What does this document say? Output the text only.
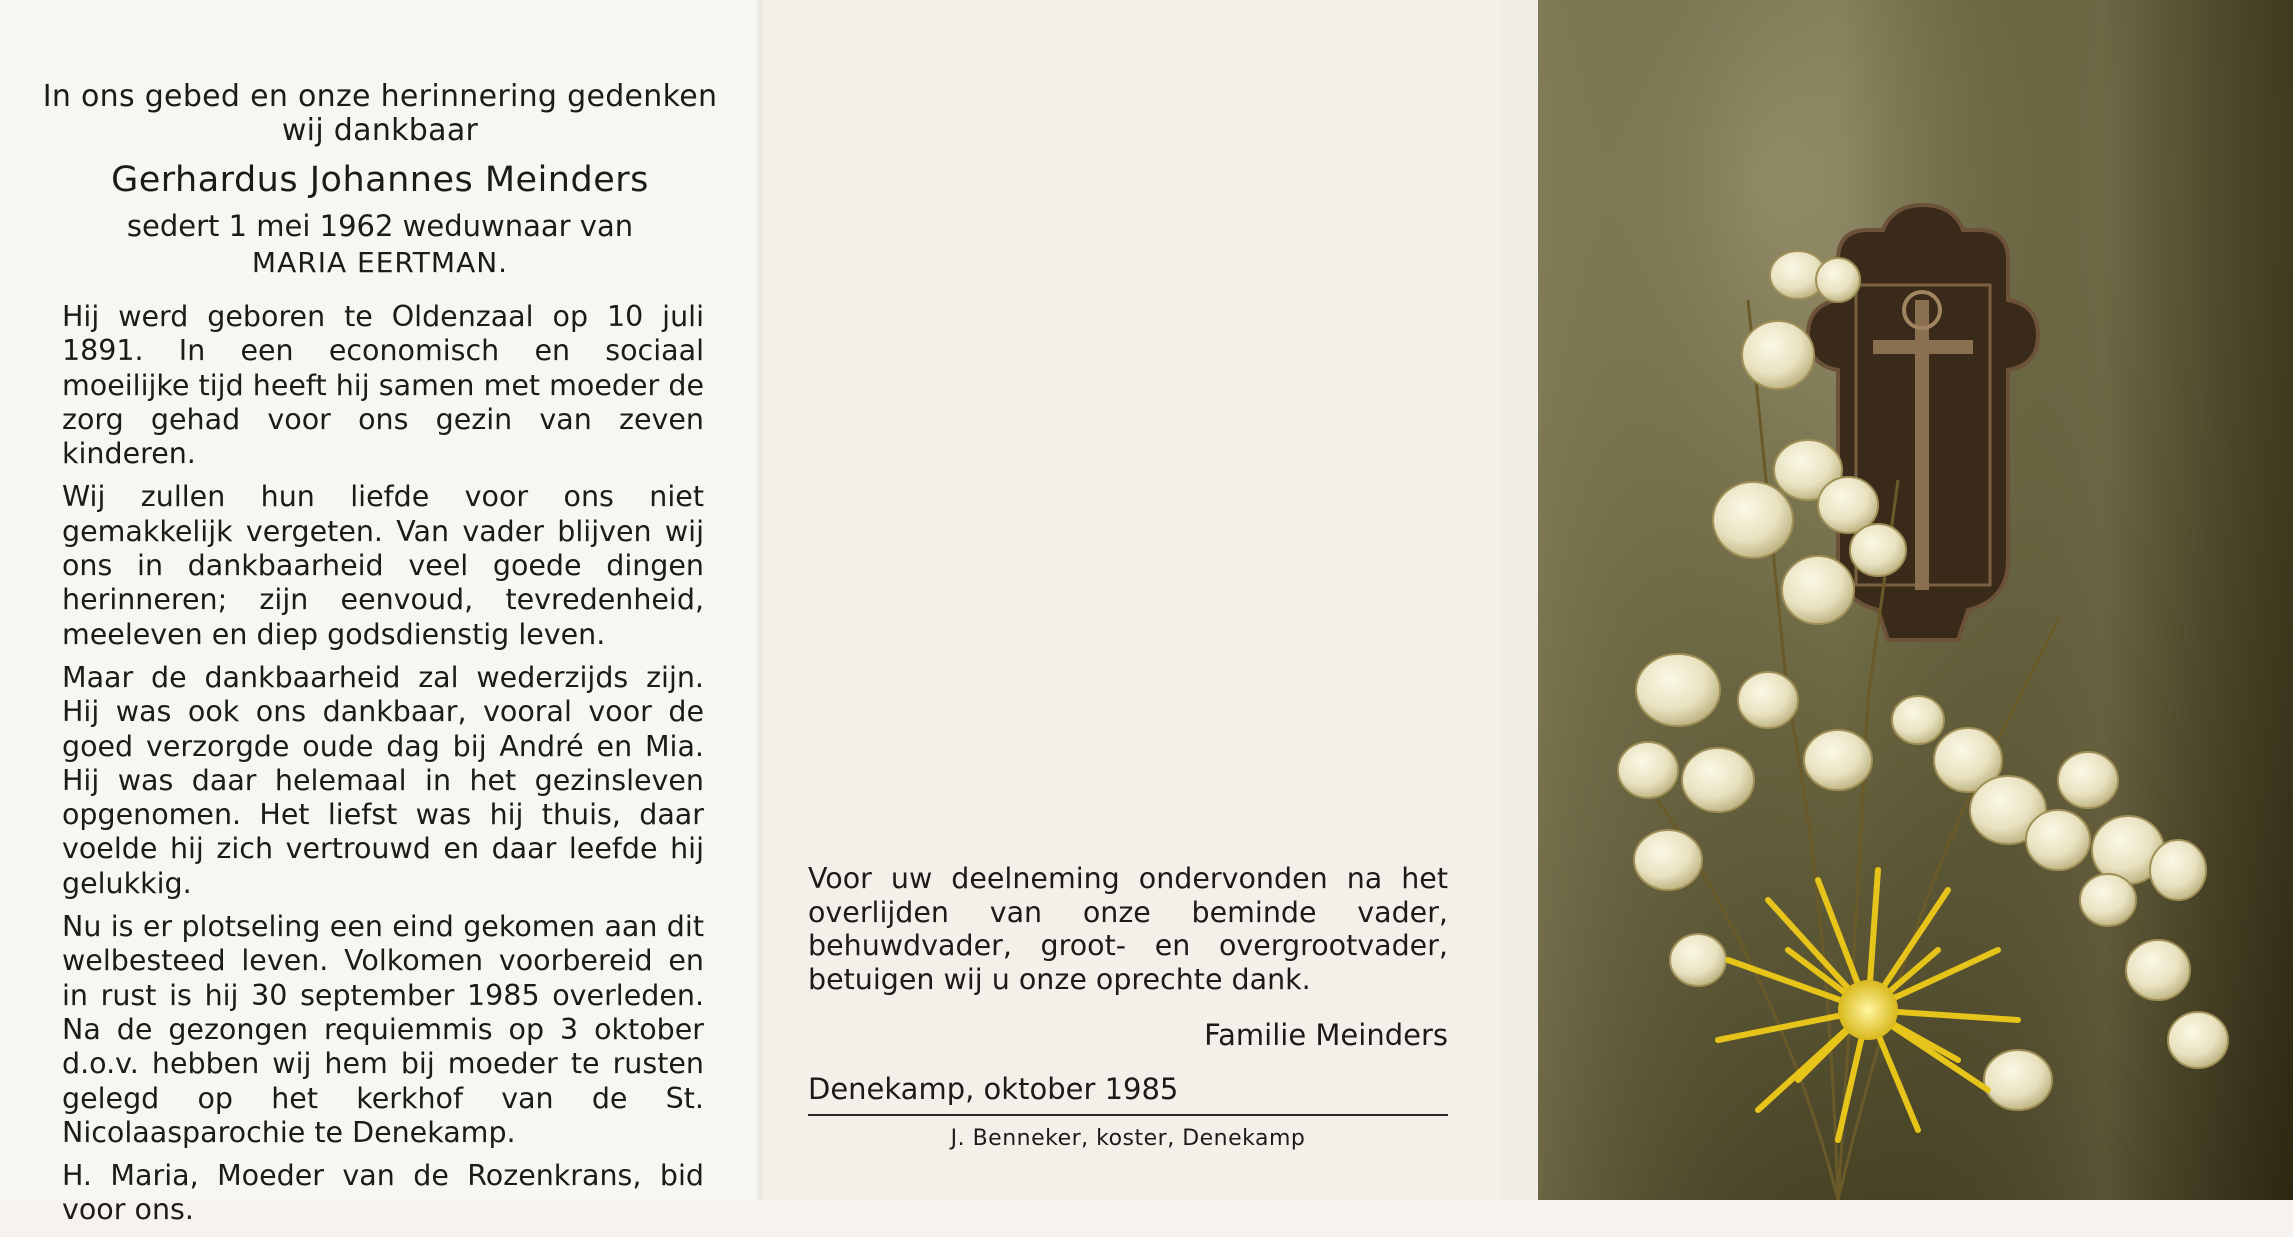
In ons gebed en onze herinnering gedenken
wij dankbaar
Gerhardus Johannes Meinders
sedert 1 mei 1962 weduwnaar van
MARIA EERTMAN.

Hij werd geboren te Oldenzaal op 10 juli 1891. In een economisch en sociaal moeilijke tijd heeft hij samen met moeder de zorg gehad voor ons gezin van zeven kinderen.

Wij zullen hun liefde voor ons niet gemakkelijk vergeten. Van vader blijven wij ons in dankbaarheid veel goede dingen herinneren; zijn eenvoud, tevredenheid, meeleven en diep godsdienstig leven.

Maar de dankbaarheid zal wederzijds zijn. Hij was ook ons dankbaar, vooral voor de goed verzorgde oude dag bij André en Mia. Hij was daar helemaal in het gezinsleven opgenomen. Het liefst was hij thuis, daar voelde hij zich vertrouwd en daar leefde hij gelukkig.

Nu is er plotseling een eind gekomen aan dit welbesteed leven. Volkomen voorbereid en in rust is hij 30 september 1985 overleden. Na de gezongen requiemmis op 3 oktober d.o.v. hebben wij hem bij moeder te rusten gelegd op het kerkhof van de St. Nicolaasparochie te Denekamp.

H. Maria, Moeder van de Rozenkrans, bid voor ons.

Voor uw deelneming ondervonden na het overlijden van onze beminde vader, behuwdvader, groot- en overgrootvader, betuigen wij u onze oprechte dank.

Familie Meinders
Denekamp, oktober 1985
J. Benneker, koster, Denekamp
